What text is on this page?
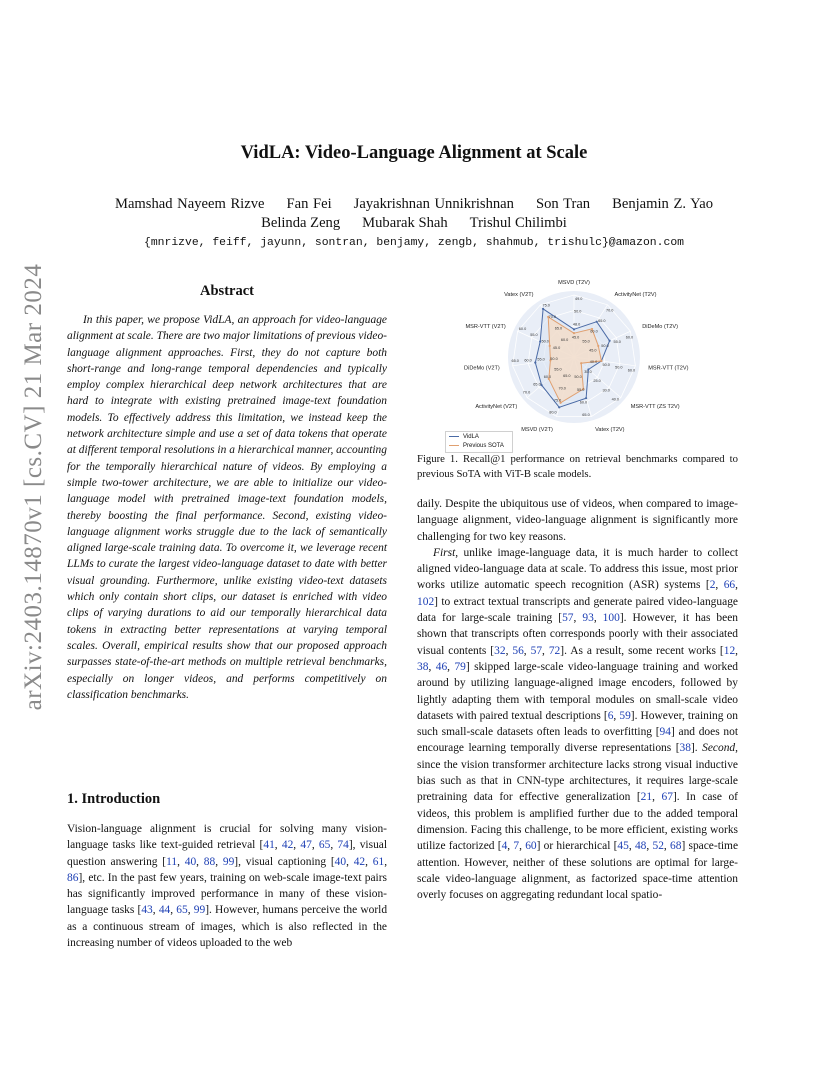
arXiv:2403.14870v1 [cs.CV] 21 Mar 2024
VidLA: Video-Language Alignment at Scale
Mamshad Nayeem Rizve Fan Fei Jayakrishnan Unnikrishnan Son Tran Benjamin Z. Yao
Belinda Zeng Mubarak Shah Trishul Chilimbi
{mnrizve, feiff, jayunn, sontran, benjamy, zengb, shahmub, trishulc}@amazon.com
Abstract

In this paper, we propose VidLA, an approach for video-language alignment at scale. There are two major limitations of previous video-language alignment approaches. First, they do not capture both short-range and long-range temporal dependencies and typically employ complex hierarchical deep network architectures that are hard to integrate with existing pretrained image-text foundation models. To effectively address this limitation, we instead keep the network architecture simple and use a set of data tokens that operate at different temporal resolutions in a hierarchical manner, accounting for the temporally hierarchical nature of videos. By employing a simple two-tower architecture, we are able to initialize our video-language model with pretrained image-text foundation models, thereby boosting the final performance. Second, existing video-language alignment works struggle due to the lack of semantically aligned large-scale training data. To overcome it, we leverage recent LLMs to curate the largest video-language dataset to date with better visual grounding. Furthermore, unlike existing video-text datasets which only contain short clips, our dataset is enriched with video clips of varying durations to aid our temporally hierarchical data tokens in extracting better representations at varying temporal scales. Overall, empirical results show that our proposed approach surpasses state-of-the-art methods on multiple retrieval benchmarks, especially on longer videos, and performs competitively on classification benchmarks.

1. Introduction

Vision-language alignment is crucial for solving many vision-language tasks like text-guided retrieval [41, 42, 47, 65, 74], visual question answering [11, 40, 88, 99], visual captioning [40, 42, 61, 86], etc. In the past few years, training on web-scale image-text pairs has significantly improved performance in many of these vision-language tasks [43, 44, 65, 99]. However, humans perceive the world as a continuous stream of images, which is also reflected in the increasing number of videos uploaded to the web

49.0
50.0
48.0
45.0
70.0
65.0
60.0
55.0
60.0
55.0
50.0
45.0
60.0
50.0
50.0
40.0
40.0
30.0
25.0
35.0
65.0
60.0
55.0
50.0
80.0
75.0
70.0
65.0
70.0
65.0
60.0
55.0
65.0 60.0 55.0 50.0
60.0
55.0
50.0
45.0
75.0
70.0
65.0
60.0
MSVD (T2V)
ActivityNet (T2V)
DiDeMo (T2V)
MSR-VTT (T2V)
MSR-VTT (ZS T2V)
Vatex (T2V)
MSVD (V2T)
ActivityNet (V2T)
DiDeMo (V2T)
MSR-VTT (V2T)
Vatex (V2T)
VidLA
Previous SOTA
Figure 1. Recall@1 performance on retrieval benchmarks compared to previous SoTA with ViT-B scale models.

daily. Despite the ubiquitous use of videos, when compared to image-language alignment, video-language alignment is significantly more challenging for two key reasons.

First, unlike image-language data, it is much harder to collect aligned video-language data at scale. To address this issue, most prior works utilize automatic speech recognition (ASR) systems [2, 66, 102] to extract textual transcripts and generate paired video-language data for large-scale training [57, 93, 100]. However, it has been shown that transcripts often corresponds poorly with their associated visual contents [32, 56, 57, 72]. As a result, some recent works [12, 38, 46, 79] skipped large-scale video-language training and worked around by utilizing language-aligned image encoders, followed by lightly adapting them with temporal modules on small-scale video datasets with paired textual descriptions [6, 59]. However, training on such small-scale datasets often leads to overfitting [94] and does not encourage learning temporally diverse representations [38]. Second, since the vision transformer architecture lacks strong visual inductive bias such as that in CNN-type architectures, it requires large-scale pretraining data for effective generalization [21, 67]. In case of videos, this problem is amplified further due to the added temporal dimension. Facing this challenge, to be more efficient, existing works utilize factorized [4, 7, 60] or hierarchical [45, 48, 52, 68] space-time attention. However, neither of these solutions are optimal for large-scale video-language alignment, as factorized space-time attention overly focuses on aggregating redundant local spatio-
